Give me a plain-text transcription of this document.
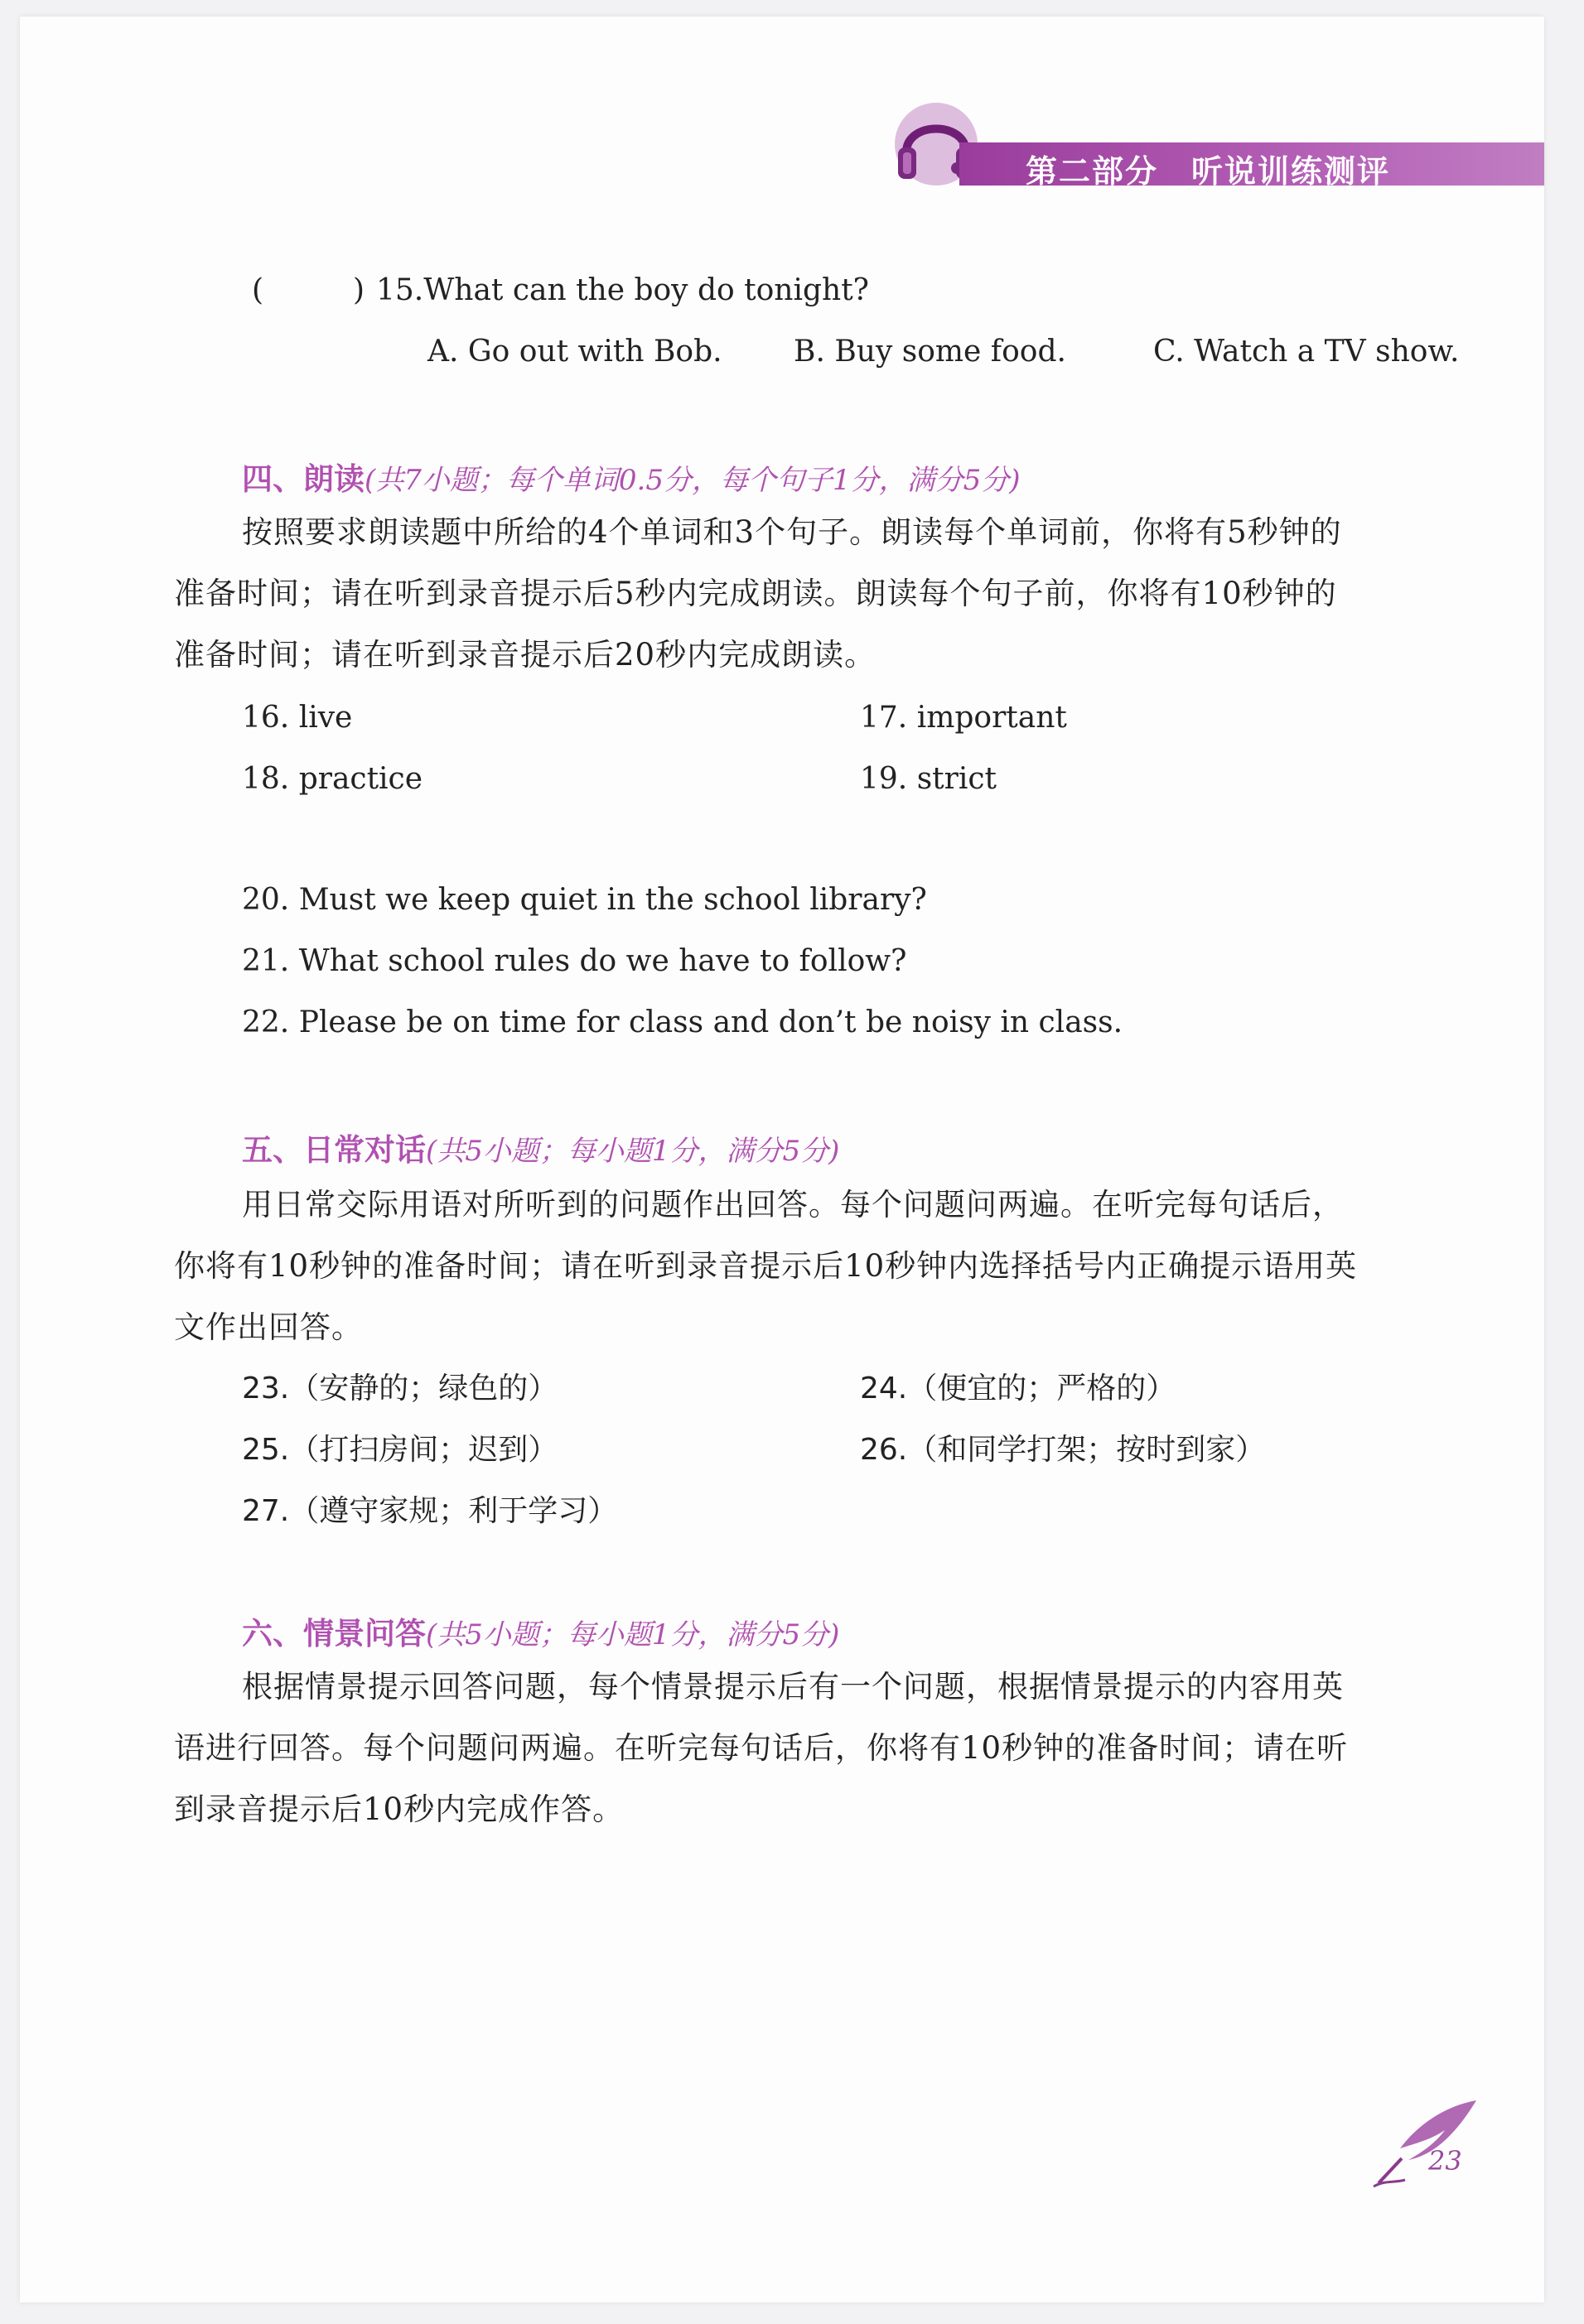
第二部分　听说训练测评
(	) 15.What can the boy do tonight?
A. Go out with Bob. B. Buy some food.	C. Watch a TV show.
四、朗读(共7小题；每个单词0.5分，每个句子1分，满分5分)
按照要求朗读题中所给的4个单词和3个句子。朗读每个单词前，你将有5秒钟的
准备时间；请在听到录音提示后5秒内完成朗读。朗读每个句子前，你将有10秒钟的
准备时间；请在听到录音提示后20秒内完成朗读。
16. live	17. important
18. practice	19. strict
20. Must we keep quiet in the school library?
21. What school rules do we have to follow?
22. Please be on time for class and don’t be noisy in class.
五、日常对话(共5小题；每小题1分，满分5分)
用日常交际用语对所听到的问题作出回答。每个问题问两遍。在听完每句话后，
你将有10秒钟的准备时间；请在听到录音提示后10秒钟内选择括号内正确提示语用英
文作出回答。
23.（安静的；绿色的）	24.（便宜的；严格的）
25.（打扫房间；迟到）	26.（和同学打架；按时到家）
27.（遵守家规；利于学习）
六、情景问答(共5小题；每小题1分，满分5分)
根据情景提示回答问题，每个情景提示后有一个问题，根据情景提示的内容用英
语进行回答。每个问题问两遍。在听完每句话后，你将有10秒钟的准备时间；请在听
到录音提示后10秒内完成作答。
23
